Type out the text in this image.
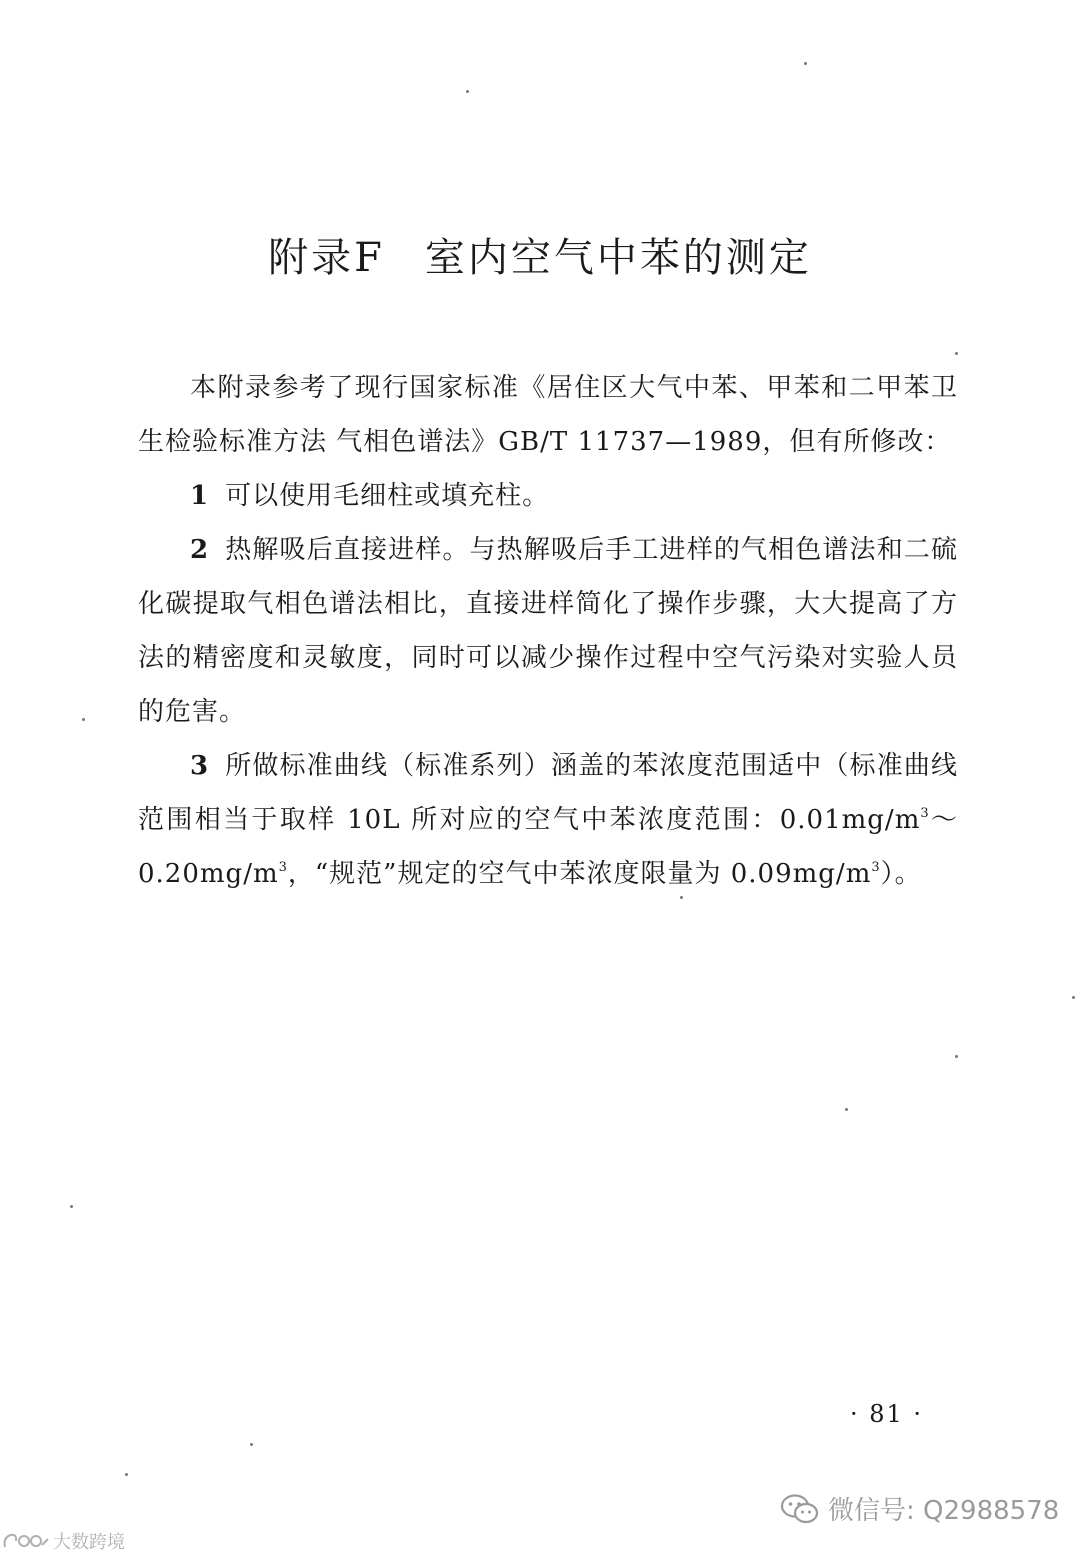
附录F 室内空气中苯的测定

本附录参考了现行国家标准《居住区大气中苯、甲苯和二甲苯卫生检验标准方法 气相色谱法》GB/T 11737—1989，但有所修改：

1 可以使用毛细柱或填充柱。

2 热解吸后直接进样。与热解吸后手工进样的气相色谱法和二硫化碳提取气相色谱法相比，直接进样简化了操作步骤，大大提高了方法的精密度和灵敏度，同时可以减少操作过程中空气污染对实验人员的危害。

3 所做标准曲线（标准系列）涵盖的苯浓度范围适中（标准曲线范围相当于取样 10L 所对应的空气中苯浓度范围：$0.01mg/m^3\sim 0.20mg/m^3$，“规范”规定的空气中苯浓度限量为 $0.09mg/m^3$）。

· 81 ·
微信号: Q2988578
大数跨境
